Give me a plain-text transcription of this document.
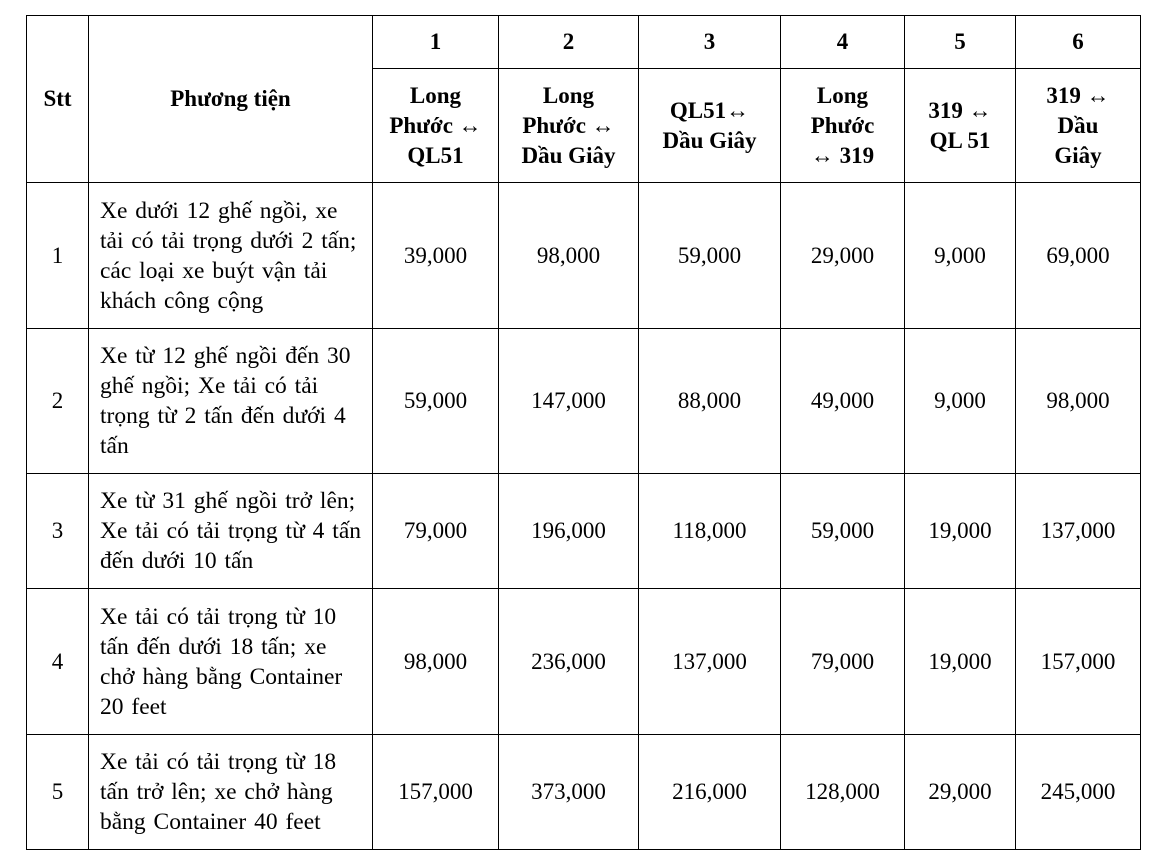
Stt	Phương tiện	1	2	3	4	5	6

		Long Phước ↔ QL51	Long Phước ↔ Dầu Giây	QL51↔ Dầu Giây	Long Phước ↔ 319	319 ↔ QL 51	319 ↔ Dầu Giây

1	Xe dưới 12 ghế ngồi, xe tải có tải trọng dưới 2 tấn; các loại xe buýt vận tải khách công cộng	39,000	98,000	59,000	29,000	9,000	69,000
2	Xe từ 12 ghế ngồi đến 30 ghế ngồi; Xe tải có tải trọng từ 2 tấn đến dưới 4 tấn	59,000	147,000	88,000	49,000	9,000	98,000
3	Xe từ 31 ghế ngồi trở lên; Xe tải có tải trọng từ 4 tấn đến dưới 10 tấn	79,000	196,000	118,000	59,000	19,000	137,000
4	Xe tải có tải trọng từ 10 tấn đến dưới 18 tấn; xe chở hàng bằng Container 20 feet	98,000	236,000	137,000	79,000	19,000	157,000
5	Xe tải có tải trọng từ 18 tấn trở lên; xe chở hàng bằng Container 40 feet	157,000	373,000	216,000	128,000	29,000	245,000
